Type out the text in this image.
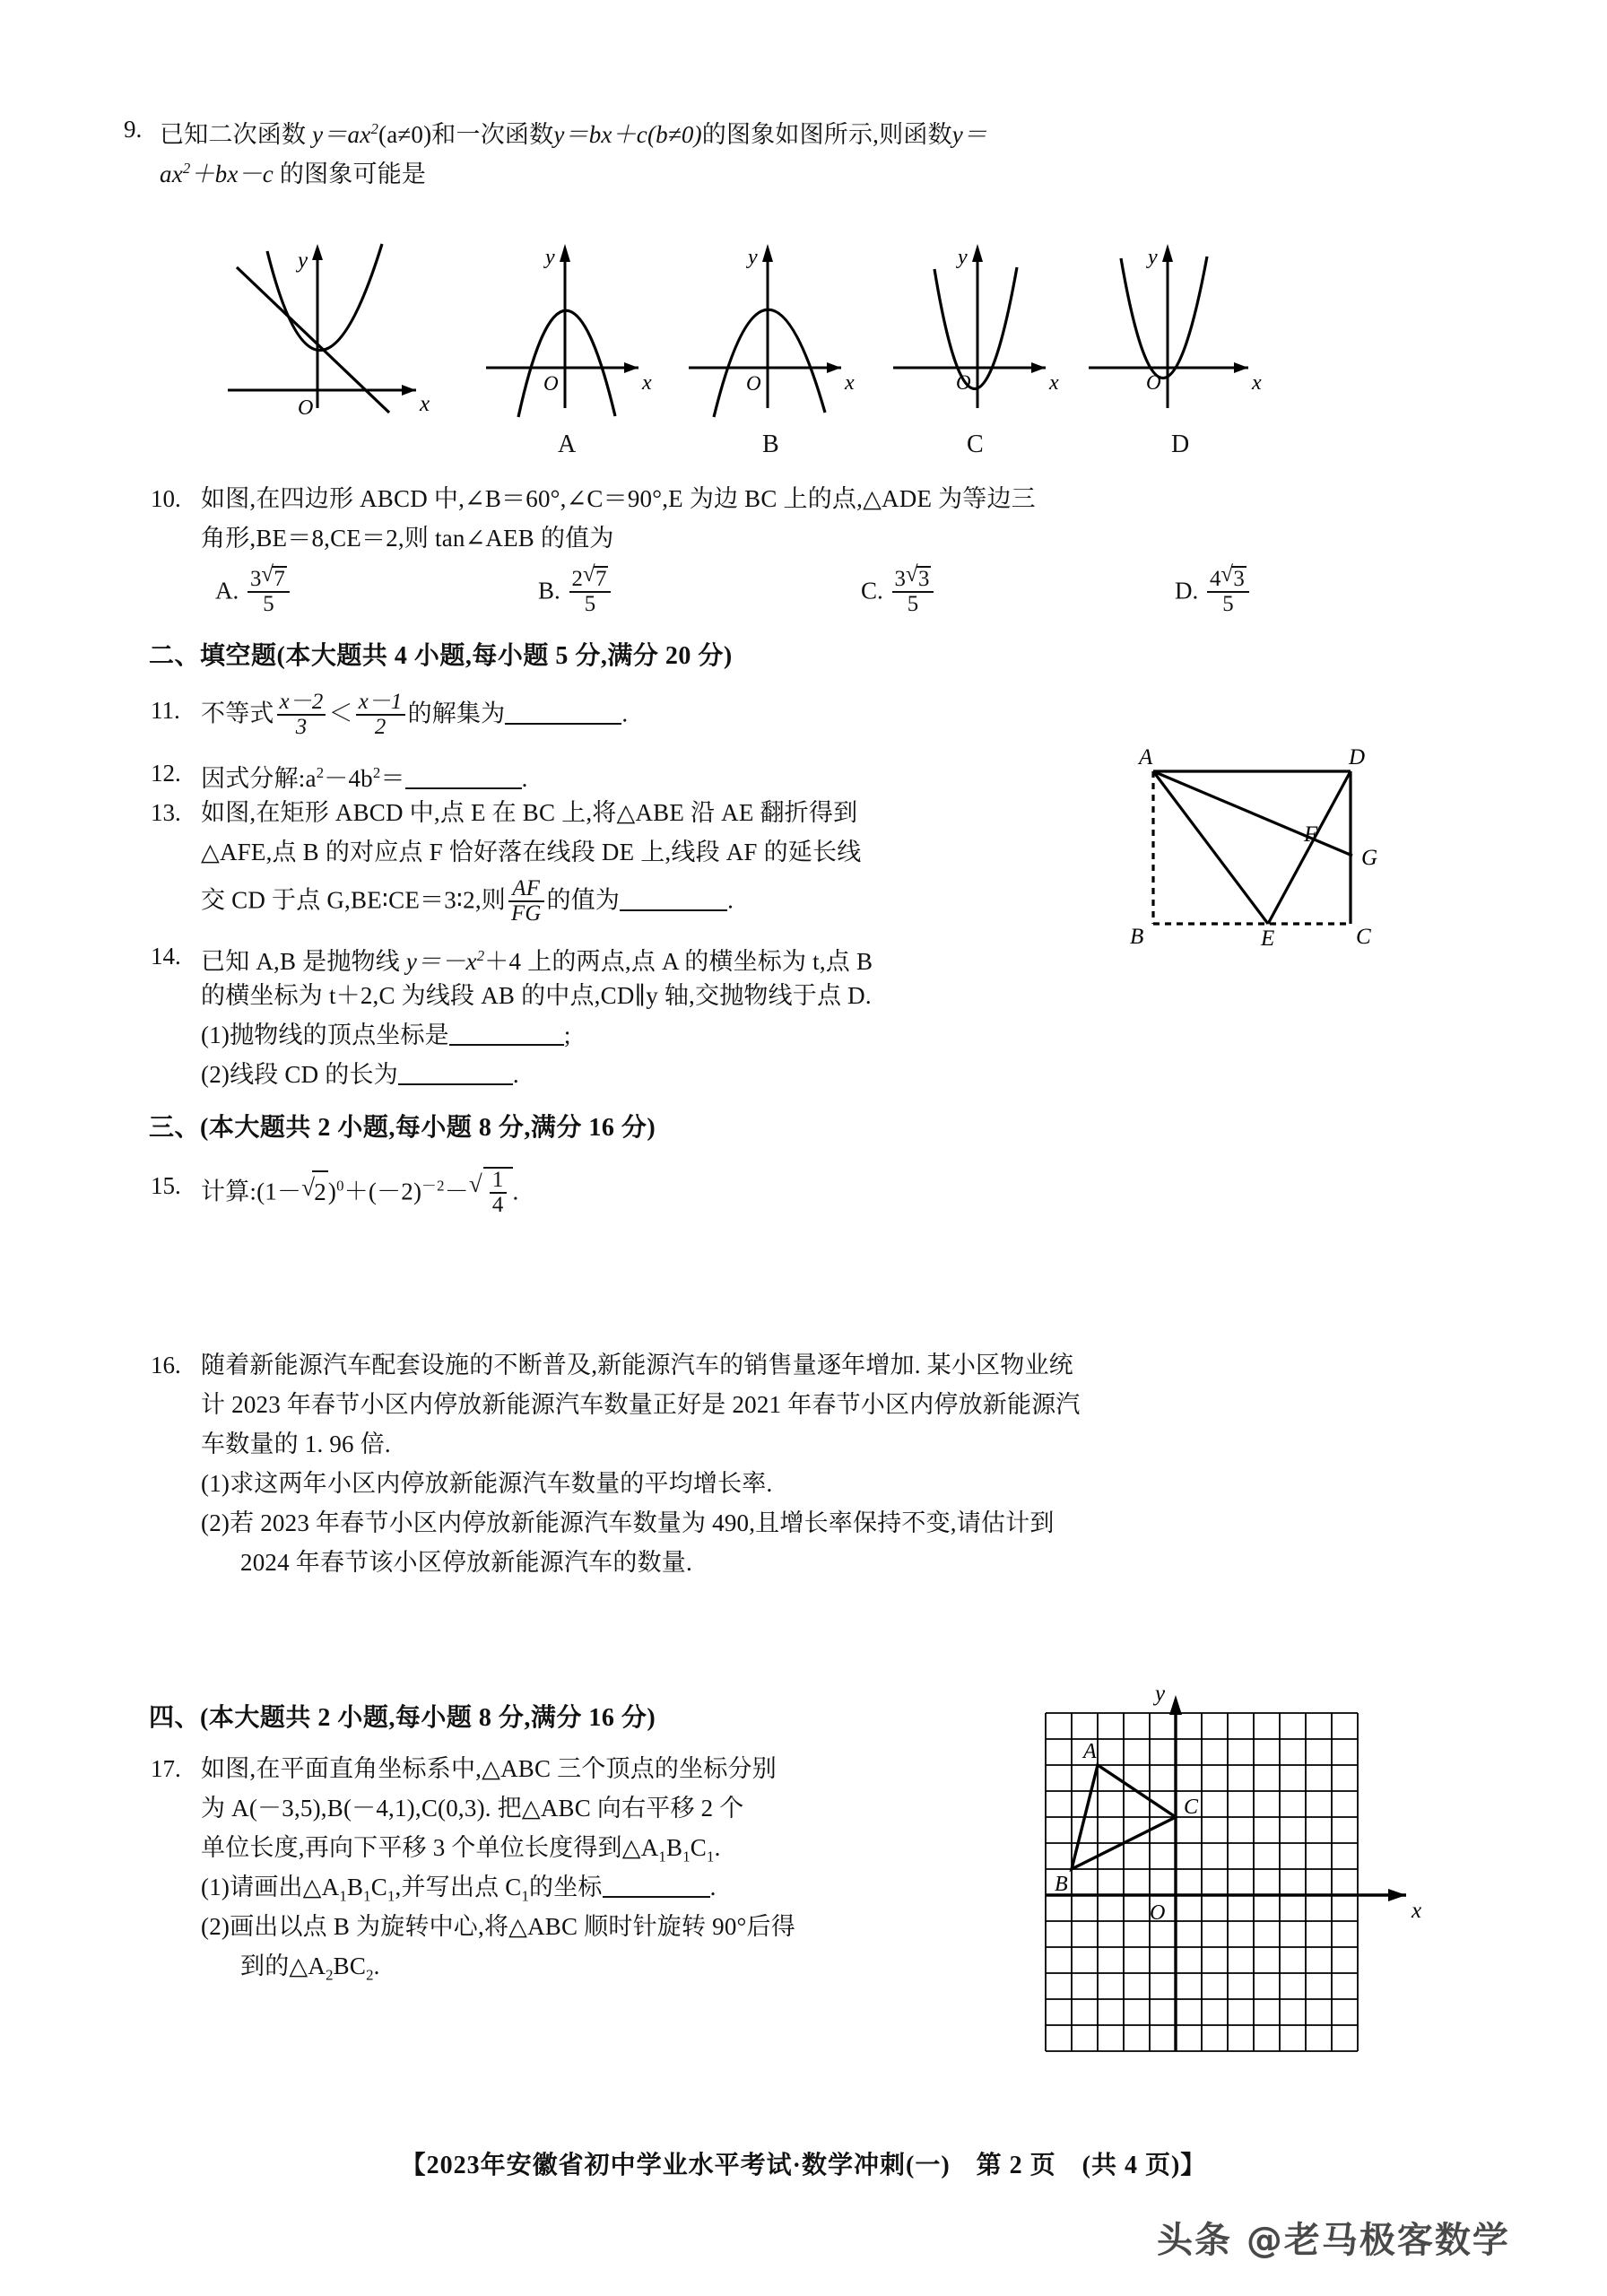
9. 已知二次函数 $y=ax^2(a\ne 0)$和一次函数y＝bx＋c(b≠0)的图象如图所示,则函数y＝
$ax^2+bx-c$ 的图象可能是
O
y
x
O
y
x	O
y
x	O
y
x	O
y
x
A	B	C	D
10. 如图,在四边形 ABCD 中,∠B＝60°,∠C＝90°,E 为边 BC 上的点,△ADE 为等边三
角形,BE＝8,CE＝2,则 tan∠AEB 的值为
A. $\frac{3 √ 7}{5}$	B. $\frac{2 √ 7}{5}$	C. $\frac{3 √ 3}{5}$	D. $\frac{4 √ 3}{5}$
二、填空题(本大题共 4 小题,每小题 5 分,满分 20 分)
11. 不等式 $\frac{x-2}{3} < \frac{x-1}{2}$ 的解集为	.
12. 因式分解$:a^2-4b^2=$	.
13. 如图,在矩形 ABCD 中,点 E 在 BC 上,将△ABE 沿 AE 翻折得到
△AFE,点 B 的对应点 F 恰好落在线段 DE 上,线段 AF 的延长线
交 CD 于点 G,BE∶CE＝3∶2,则 $\frac{AF}{FG}$ 的值为	.
A	D
F
G
B	E	C
14. 已知 A,B 是抛物线 $y=-x^2+4$ 上的两点,点 A 的横坐标为 t,点 B
的横坐标为 t＋2,C 为线段 AB 的中点,CD∥y 轴,交抛物线于点 D.
(1)抛物线的顶点坐标是	;
(2)线段 CD 的长为	.
三、(本大题共 2 小题,每小题 8 分,满分 16 分)
15. 计算:(1－ √ $2)^0+(-2)^{-2}-$ √ $\frac{1}{4}$ .
16. 随着新能源汽车配套设施的不断普及,新能源汽车的销售量逐年增加. 某小区物业统
计 2023 年春节小区内停放新能源汽车数量正好是 2021 年春节小区内停放新能源汽
车数量的 1. 96 倍.
(1)求这两年小区内停放新能源汽车数量的平均增长率.
(2)若 2023 年春节小区内停放新能源汽车数量为 490,且增长率保持不变,请估计到
2024 年春节该小区停放新能源汽车的数量.
四、(本大题共 2 小题,每小题 8 分,满分 16 分)
17. 如图,在平面直角坐标系中,△ABC 三个顶点的坐标分别
为 A(－3,5),B(－4,1),C(0,3). 把△ABC 向右平移 2 个
单位长度,再向下平移 3 个单位长度得到$\triangle A_1B_1C_1$.
(1)请画出$\triangle A_1B_1C_1$,并写出点 $C_1$的坐标	.
(2)画出以点 B 为旋转中心,将△ABC 顺时针旋转 90°后得
到的$\triangle A_2BC_2$.
A
B
C
O
y
x
【2023年安徽省初中学业水平考试·数学冲刺(一)　第 2 页　(共 4 页)】
头条 @老马极客数学
